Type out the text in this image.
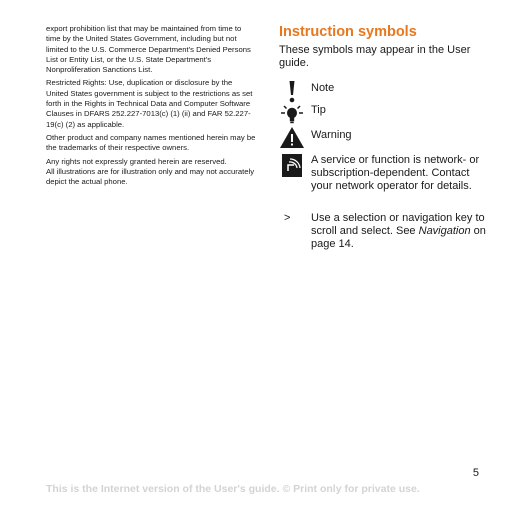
export prohibition list that may be maintained from time to time by the United States Government, including but not limited to the U.S. Commerce Department's Denied Persons List or Entity List, or the U.S. State Department's Nonproliferation Sanctions List.

Restricted Rights: Use, duplication or disclosure by the United States government is subject to the restrictions as set forth in the Rights in Technical Data and Computer Software Clauses in DFARS 252.227-7013(c) (1) (ii) and FAR 52.227-19(c) (2) as applicable.

Other product and company names mentioned herein may be the trademarks of their respective owners.

Any rights not expressly granted herein are reserved.

All illustrations are for illustration only and may not accurately depict the actual phone.

Instruction symbols

These symbols may appear in the User guide.

Note
Tip
Warning
A service or function is network- or subscription-dependent. Contact your network operator for details.
>	Use a selection or navigation key to scroll and select. See Navigation on page 14.
5
This is the Internet version of the User's guide. © Print only for private use.
